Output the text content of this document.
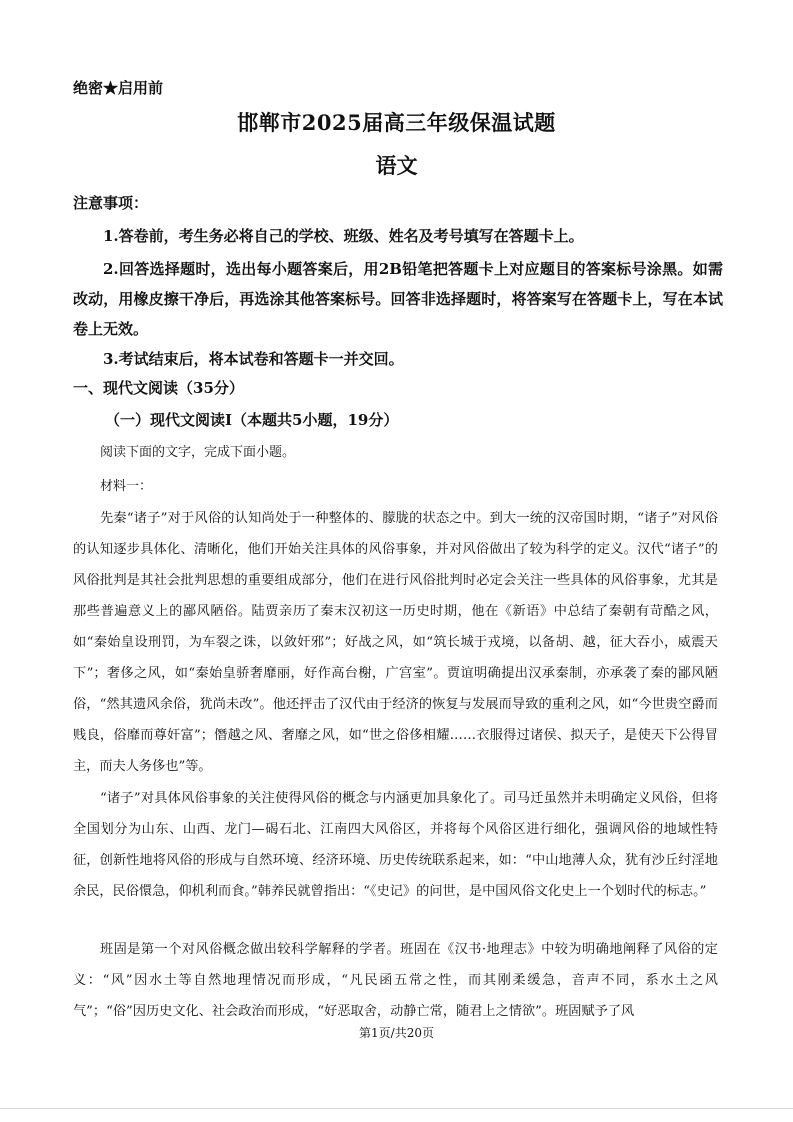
绝密★启用前
邯郸市2025届高三年级保温试题
语文
注意事项：

1.答卷前，考生务必将自己的学校、班级、姓名及考号填写在答题卡上。

2.回答选择题时，选出每小题答案后，用2B铅笔把答题卡上对应题目的答案标号涂黑。如需改动，用橡皮擦干净后，再选涂其他答案标号。回答非选择题时，将答案写在答题卡上，写在本试卷上无效。

3.考试结束后，将本试卷和答题卡一并交回。

一、现代文阅读（35分）
（一）现代文阅读Ⅰ（本题共5小题，19分）
阅读下面的文字，完成下面小题。
材料一：

先秦“诸子”对于风俗的认知尚处于一种整体的、朦胧的状态之中。到大一统的汉帝国时期，“诸子”对风俗的认知逐步具体化、清晰化，他们开始关注具体的风俗事象，并对风俗做出了较为科学的定义。汉代“诸子”的风俗批判是其社会批判思想的重要组成部分，他们在进行风俗批判时必定会关注一些具体的风俗事象，尤其是那些普遍意义上的鄙风陋俗。陆贾亲历了秦末汉初这一历史时期，他在《新语》中总结了秦朝有苛酷之风，如“秦始皇设刑罚，为车裂之诛，以敛奸邪”；好战之风，如“筑长城于戎境，以备胡、越，征大吞小，威震天下”；奢侈之风，如“秦始皇骄奢靡丽，好作高台榭，广宫室”。贾谊明确提出汉承秦制，亦承袭了秦的鄙风陋俗，“然其遗风余俗，犹尚未改”。他还抨击了汉代由于经济的恢复与发展而导致的重利之风，如“今世贵空爵而贱良，俗靡而尊奸富”；僭越之风、奢靡之风，如“世之俗侈相耀……衣服得过诸侯、拟天子，是使天下公得冒主，而夫人务侈也”等。

“诸子”对具体风俗事象的关注使得风俗的概念与内涵更加具象化了。司马迁虽然并未明确定义风俗，但将全国划分为山东、山西、龙门—碣石北、江南四大风俗区，并将每个风俗区进行细化，强调风俗的地域性特征，创新性地将风俗的形成与自然环境、经济环境、历史传统联系起来，如：“中山地薄人众，犹有沙丘纣淫地余民，民俗懁急，仰机利而食。”韩养民就曾指出：“《史记》的问世，是中国风俗文化史上一个划时代的标志。”

班固是第一个对风俗概念做出较科学解释的学者。班固在《汉书·地理志》中较为明确地阐释了风俗的定义：“风”因水土等自然地理情况而形成，“凡民函五常之性，而其刚柔缓急，音声不同，系水土之风气”；“俗”因历史文化、社会政治而形成，“好恶取舍，动静亡常，随君上之情欲”。班固赋予了风

第1页/共20页
